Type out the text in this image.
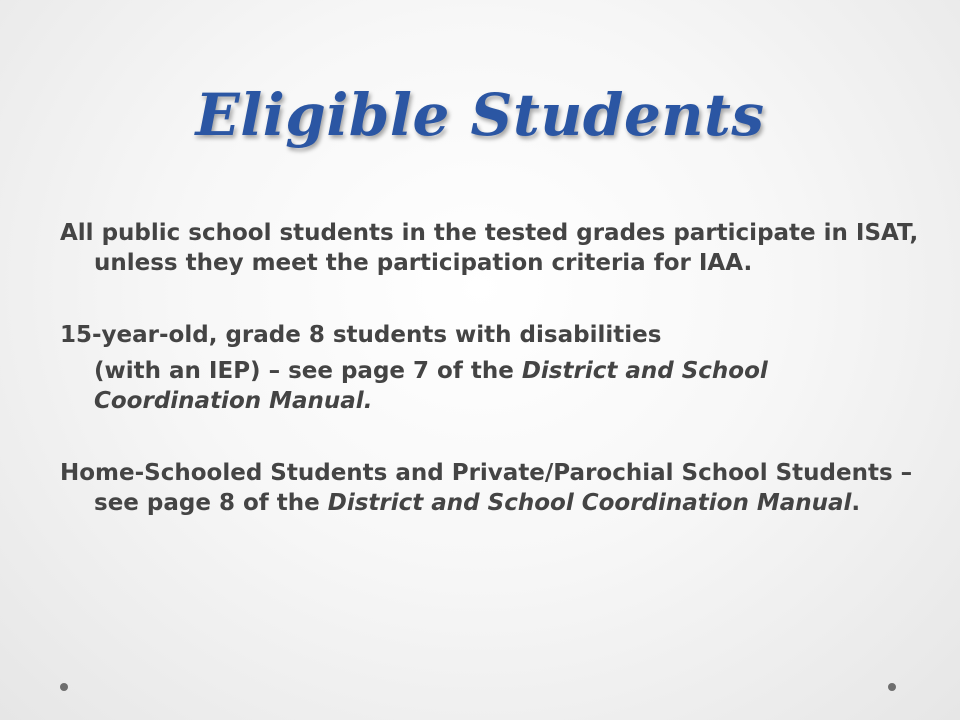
Eligible Students

All public school students in the tested grades participate in ISAT, unless they meet the participation criteria for IAA.

15-year-old, grade 8 students with disabilities

(with an IEP) – see page 7 of the District and School Coordination Manual.

Home-Schooled Students and Private/Parochial School Students – see page 8 of the District and School Coordination Manual.
